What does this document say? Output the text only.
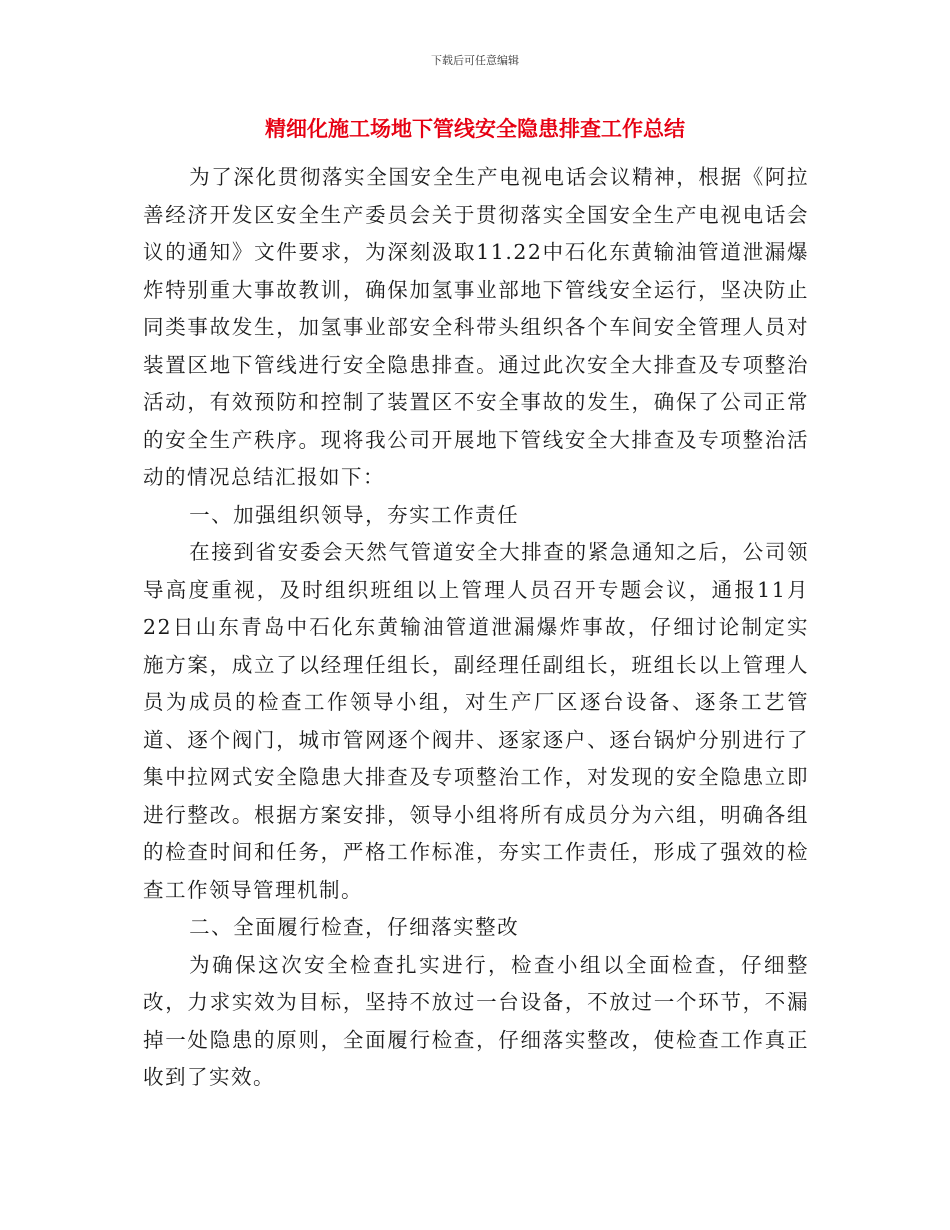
下载后可任意编辑
精细化施工场地下管线安全隐患排查工作总结

为了深化贯彻落实全国安全生产电视电话会议精神，根据《阿拉善经济开发区安全生产委员会关于贯彻落实全国安全生产电视电话会议的通知》文件要求，为深刻汲取11.22中石化东黄输油管道泄漏爆炸特别重大事故教训，确保加氢事业部地下管线安全运行，坚决防止同类事故发生，加氢事业部安全科带头组织各个车间安全管理人员对装置区地下管线进行安全隐患排查。通过此次安全大排查及专项整治活动，有效预防和控制了装置区不安全事故的发生，确保了公司正常的安全生产秩序。现将我公司开展地下管线安全大排查及专项整治活动的情况总结汇报如下：

一、加强组织领导，夯实工作责任

在接到省安委会天然气管道安全大排查的紧急通知之后，公司领导高度重视，及时组织班组以上管理人员召开专题会议，通报11月22日山东青岛中石化东黄输油管道泄漏爆炸事故，仔细讨论制定实施方案，成立了以经理任组长，副经理任副组长，班组长以上管理人员为成员的检查工作领导小组，对生产厂区逐台设备、逐条工艺管道、逐个阀门，城市管网逐个阀井、逐家逐户、逐台锅炉分别进行了集中拉网式安全隐患大排查及专项整治工作，对发现的安全隐患立即进行整改。根据方案安排，领导小组将所有成员分为六组，明确各组的检查时间和任务，严格工作标准，夯实工作责任，形成了强效的检查工作领导管理机制。

二、全面履行检查，仔细落实整改

为确保这次安全检查扎实进行，检查小组以全面检查，仔细整改，力求实效为目标，坚持不放过一台设备，不放过一个环节，不漏掉一处隐患的原则，全面履行检查，仔细落实整改，使检查工作真正收到了实效。
